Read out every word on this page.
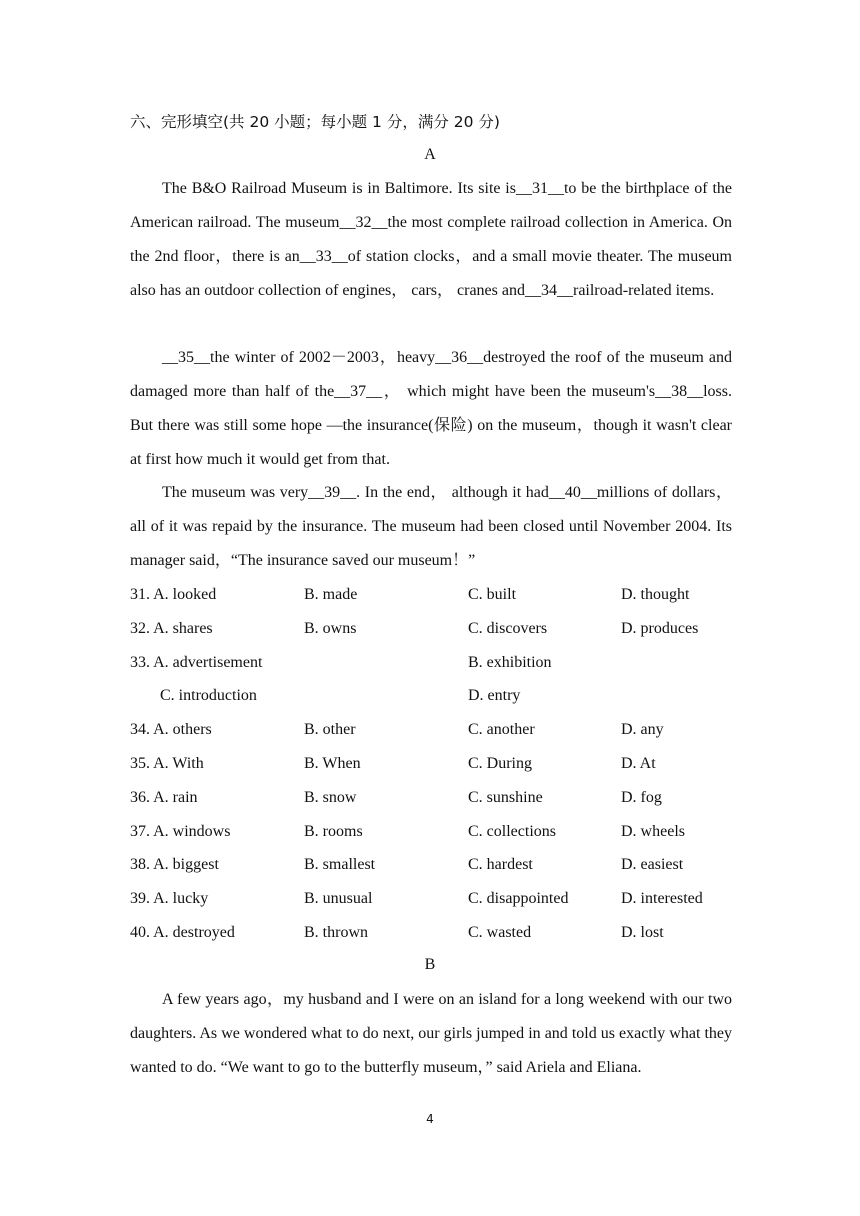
六、完形填空(共 20 小题；每小题 1 分，满分 20 分)
A

The B&O Railroad Museum is in Baltimore. Its site is__31__to be the birthplace of the American railroad. The museum__32__the most complete railroad collection in America. On the 2nd floor，there is an__33__of station clocks，and a small movie theater. The museum also has an outdoor collection of engines， cars， cranes and__34__railroad-related items.

__35__the winter of 2002－2003，heavy__36__destroyed the roof of the museum and damaged more than half of the__37__， which might have been the museum's__38__loss. But there was still some hope —the insurance(保险) on the museum，though it wasn't clear at first how much it would get from that.

The museum was very__39__. In the end， although it had__40__millions of dollars， all of it was repaid by the insurance. The museum had been closed until November 2004. Its manager said，“The insurance saved our museum！”

31. A. looked	B. made	C. built	D. thought
32. A. shares	B. owns	C. discovers	D. produces
33. A. advertisement	B. exhibition
C. introduction	D. entry
34. A. others	B. other	C. another	D. any
35. A. With	B. When	C. During	D. At
36. A. rain	B. snow	C. sunshine	D. fog
37. A. windows	B. rooms	C. collections	D. wheels
38. A. biggest	B. smallest	C. hardest	D. easiest
39. A. lucky	B. unusual	C. disappointed	D. interested
40. A. destroyed	B. thrown	C. wasted	D. lost
B

A few years ago，my husband and I were on an island for a long weekend with our two daughters. As we wondered what to do next, our girls jumped in and told us exactly what they wanted to do. “We want to go to the butterfly museum，” said Ariela and Eliana.

4
